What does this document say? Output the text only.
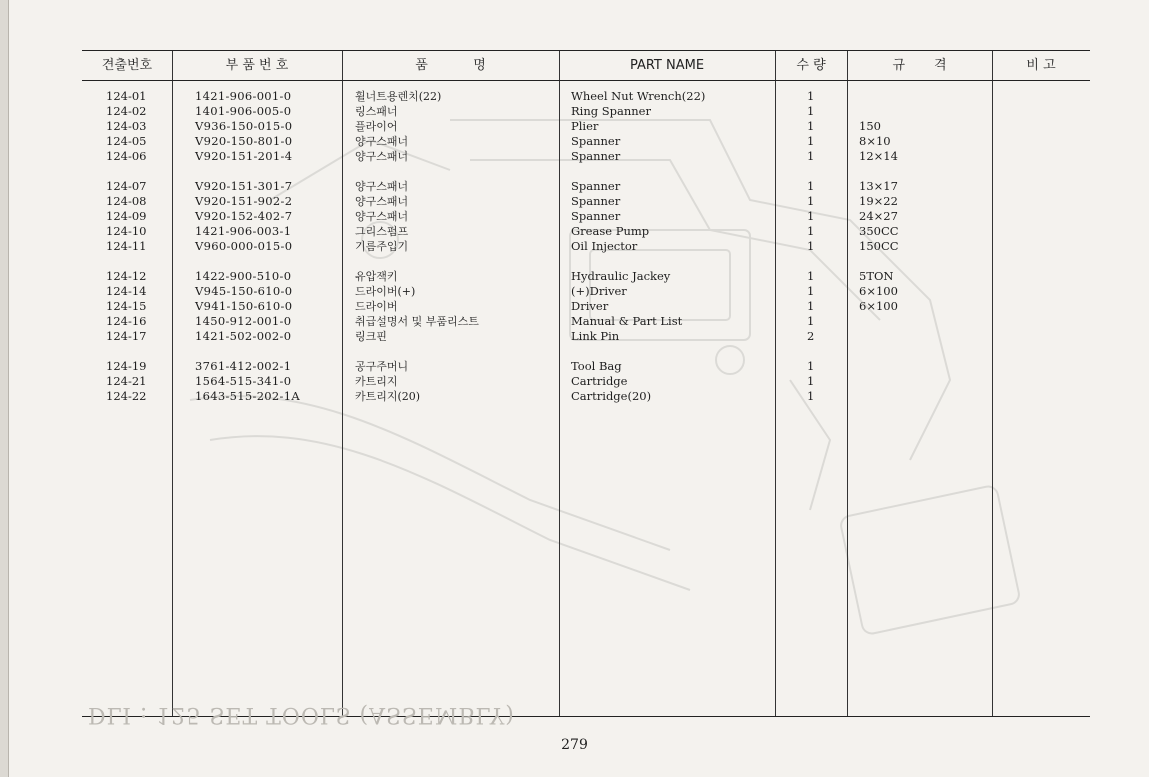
견출번호	부 품 번 호	품           명	PART NAME	수 량	규       격	비 고
124-01	1421-906-001-0	휠너트용렌치(22)	Wheel Nut Wrench(22)	1
124-02	1401-906-005-0	링스패너	Ring Spanner	1
124-03	V936-150-015-0	플라이어	Plier	1	150
124-05	V920-150-801-0	양구스패너	Spanner	1	8×10
124-06	V920-151-201-4	양구스패너	Spanner	1	12×14
124-07	V920-151-301-7	양구스패너	Spanner	1	13×17
124-08	V920-151-902-2	양구스패너	Spanner	1	19×22
124-09	V920-152-402-7	양구스패너	Spanner	1	24×27
124-10	1421-906-003-1	그리스펌프	Grease Pump	1	350CC
124-11	V960-000-015-0	기름주입기	Oil Injector	1	150CC
124-12	1422-900-510-0	유압잭키	Hydraulic Jackey	1	5TON
124-14	V945-150-610-0	드라이버(+)	(+)Driver	1	6×100
124-15	V941-150-610-0	드라이버	Driver	1	6×100
124-16	1450-912-001-0	취급설명서 및 부품리스트	Manual & Part List	1
124-17	1421-502-002-0	링크핀	Link Pin	2
124-19	3761-412-002-1	공구주머니	Tool Bag	1
124-21	1564-515-341-0	카트리지	Cartridge	1
124-22	1643-515-202-1A	카트리지(20)	Cartridge(20)	1
DLI : 125 SET TOOLS (ASSEMBLY)
279
